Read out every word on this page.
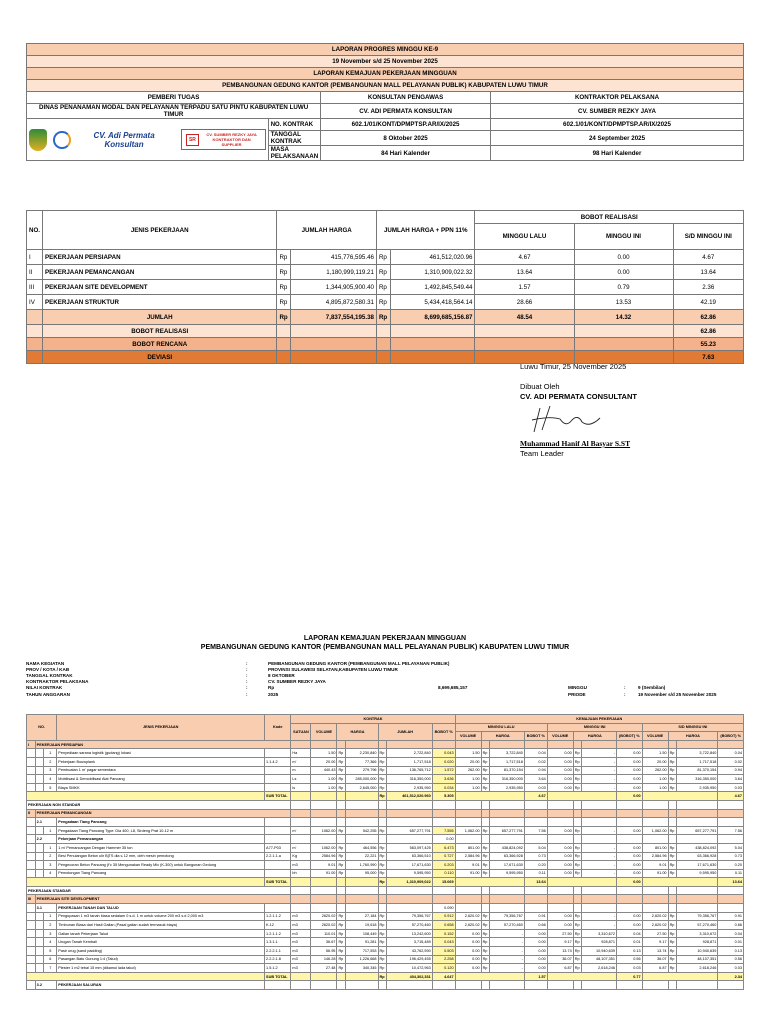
LAPORAN PROGRES MINGGU KE-9			
19 November s/d 25 November 2025			
LAPORAN KEMAJUAN PEKERJAAN MINGGUAN			
PEMBANGUNAN GEDUNG KANTOR (PEMBANGUNAN MALL PELAYANAN PUBLIK) KABUPATEN LUWU TIMUR			
PEMBERI TUGAS		KONSULTAN PENGAWAS	KONTRAKTOR PELAKSANA
DINAS PENANAMAN MODAL DAN PELAYANAN TERPADU SATU PINTU KABUPATEN LUWU TIMUR		CV. ADI PERMATA KONSULTAN	CV. SUMBER REZKY JAYA

CV. Adi Permata Konsultan SR
CV. SUMBER REZKY JAYA
KONTRAKTOR DAN SUPPLIER	NO. KONTRAK	602.1/01/KONT/DPMPTSP.AR/IX/2025	602.1/01/KONT/DPMPTSP.AR/IX/2025
	TANGGAL KONTRAK	8 Oktober 2025	24 September 2025
	MASA PELAKSANAAN	84 Hari Kalender	98 Hari Kalender
NO.	JENIS PEKERJAAN	JUMLAH HARGA		JUMLAH HARGA + PPN 11%		BOBOT REALISASI		
						MINGGU LALU	MINGGU INI	S/D MINGGU INI
I	PEKERJAAN PERSIAPAN	Rp	415,776,595.46	Rp	461,512,020.96	4.67	0.00	4.67
II	PEKERJAAN PEMANCANGAN	Rp	1,180,999,119.21	Rp	1,310,909,022.32	13.64	0.00	13.64
III	PEKERJAAN SITE DEVELOPMENT	Rp	1,344,905,900.40	Rp	1,492,845,549.44	1.57	0.79	2.36
IV	PEKERJAAN STRUKTUR	Rp	4,895,872,580.31	Rp	5,434,418,564.14	28.66	13.53	42.19
	JUMLAH	Rp	7,837,554,195.38	Rp	8,699,685,156.87	48.54	14.32	62.86
	BOBOT REALISASI							62.86
	BOBOT RENCANA							55.23
	DEVIASI							7.63
Luwu Timur, 25 November 2025
Dibuat Oleh
CV. ADI PERMATA CONSULTANT
Muhammad Hanif Al Basyar S.ST
Team Leader
LAPORAN KEMAJUAN PEKERJAAN MINGGUAN
PEMBANGUNAN GEDUNG KANTOR (PEMBANGUNAN MALL PELAYANAN PUBLIK) KABUPATEN LUWU TIMUR
NAMA KEGIATAN	:	PEMBANGUNAN GEDUNG KANTOR (PEMBANGUNAN MALL PELAYANAN PUBLIK)
PROV / KOTA / KAB	:	PROVINSI SULAWESI SELATAN,KABUPATEN LUWU TIMUR
TANGGAL KONTRAK	:	8 OKTOBER
KONTRAKTOR PELAKSANA	:	CV. SUMBER REZKY JAYA
NILAI KONTRAK	:	Rp	8,699,685,157	MINGGU	:	9 (Sembilan)
TAHUN ANGGARAN	:	2025	PRIODE	:	19 November s/d 25 November 2025
NO.			JENIS PEKERJAAN	Kode	KONTRAK							KEMAJUAN PEKERJAAN											
					SATUAN	VOLUME	HARGA		JUMLAH		BOBOT %	MINGGU LALU				MINGGU INI				S/D MINGGU INI			
												VOLUME	HARGA		BOBOT %	VOLUME	HARGA		(BOBOT) %	VOLUME	HARGA		(BOBOT) %
I	PEKERJAAN PERSIAPAN																						
		1	Penyediaan sarana logistik (gudang) lokasi		Ha	1.50	Rp	2,230,840	Rp	2,722,840	0.043	1.50	Rp	3,722,840	0.04	0.00	Rp	-	0.00	1.50	Rp	3,722,840	0.04
		2	Pekerjaan Bouwplank	1.1.4.2	m'	20.00	Rp	77,366	Rp	1,717,518	0.020	20.00	Rp	1,717,518	0.02	0.00	Rp	-	0.00	20.00	Rp	1,717,518	0.02
		3	Pembuatan 1 m' pagar sementara		m	440.43	Rp	279,796	Rp	136,765,712	1.572	262.00	Rp	81,370,154	0.94	0.00	Rp	-	0.00	262.00	Rp	81,370,154	0.94
		4	Mobilisasi & Demobilisasi Alat Pancang		Ls	1.00	Rp	285,000,000	Rp	316,350,000	3.636	1.00	Rp	316,350,000	3.64	0.00	Rp	-	0.00	1.00	Rp	316,350,000	3.64
		5	Biaya SMKK		ls	1.00	Rp	2,645,000	Rp	2,935,950	0.034	1.00	Rp	2,935,950	0.03	0.00	Rp	-	0.00	1.00	Rp	2,935,950	0.03
				SUB TOTAL					Rp	461,512,020.960	5.305				4.67				0.00				4.67
PEKERJAAN NON STANDAR																							
II	PEKERJAAN PEMANCANGAN																						
	2.1		Pengadaan Tiang Pancang																				
		1	Pengadaan Tiang Pancang Type: Dia 400, L8, Sirdeng Prat 10-12 m		m'	1062.00	Rp	542,255	Rp	657,277,791	7.555	1,062.00	Rp	657,277,791	7.56	0.00	Rp	-	0.00	1,062.00	Rp	657,277,791	7.56
	2.2		Pekerjaan Pemancangan								0.00												
		1	1 m' Pemancangan Dengan Hammer 35 ton	A77-P03	m'	1062.00	Rp	464,556	Rp	563,097,425	6.473	801.00	Rp	438,824,092	5.04	0.00	Rp	-	0.00	801.00	Rp	438,824,092	5.04
		2	Besi Penulangan Beton ulir BjTS dia ≤ 12 mm, oleh mesin pemotong	2.2.1.1.a	Kg	2584.96	Rp	22,221	Rp	63,366,510	0.727	2,584.96	Rp	63,366,928	0.73	0.00	Rp	-	0.00	2,584.96	Rp	63,366,928	0.73
		3	Pengecoran Beton Pancang (f'c 35 Mengunakan Ready Mix (K-300) untuk Bangunan Gedung		m3	9.01	Rp	1,760,990	Rp	17,671,630	0.203	9.01	Rp	17,671,630	0.20	0.00	Rp	-	0.00	9.01	Rp	17,671,630	0.20
		4	Pemotongan Tiang Pancang		bh	91.00	Rp	95,000	Rp	9,595,950	0.110	91.00	Rp	9,595,950	0.11	0.00	Rp	-	0.00	91.00	Rp	9,595,950	0.11
				SUB TOTAL					Rp	1,310,909,022	15.069				13.64				0.00				13.64
PEKERJAAN STANDAR																							
III	PEKERJAAN SITE DEVELOPMENT																						
	3.1		PEKERJAAN TANAH DAN TALUD								0.090												
		1	Pengupasan 1 m3 tanah biasa sedalam 0 s.d. 1 m untuk volume 200 m3 s.d 2,000 m3	1.2.1.1.2	m3	2620.02	Rp	27,184	Rp	79,356,767	0.912	2,620.02	Rp	79,356,767	0.91	0.00	Rp	-	0.00	2,620.02	Rp	79,356,767	0.91
		2	Timbunan Biasa dari Hasil Galian (Pasal galian sudah termasuk biaya)	K.12	m3	2620.02	Rp	19,618	Rp	57,270,460	0.658	2,620.02	Rp	57,270,460	0.66	0.00	Rp	-	0.00	2,620.02	Rp	57,270,460	0.66
		3	Galian tanah Pekerjaan Talud	1.2.1.1.2	m3	110.01	Rp	108,449	Rp	13,242,600	0.152	0.00	Rp	-	0.00	27.50	Rp	3,310,672	0.04	27.50	Rp	3,310,672	0.04
		4	Urugan Tanah Kembali	1.3.1.1	m3	36.67	Rp	91,281	Rp	3,715,489	0.043	0.00	Rp	-	0.00	9.17	Rp	928,871	0.01	9.17	Rp	928,871	0.01
		5	Pasir urug (sand padding)	2.2.2.1.1	m3	56.95	Rp	717,553	Rp	43,762,590	0.503	0.00	Rp	-	0.00	13.74	Rp	10,940,639	0.13	13.74	Rp	10,940,639	0.13
		6	Pasangan Batu Gunung 1:4 (Talud)	2.2.2.1.8	m3	146.28	Rp	1,226,668	Rp	196,429,455	2.258	0.00	Rp	-	0.00	36.07	Rp	48,107,351	0.56	36.07	Rp	48,107,351	0.56
		7	Plester 1 m2 tebal 15 mm (dikamul lada talud)	1.5.1.2	m3	27.48	Rp	340,345	Rp	10,472,963	0.120	0.00	Rp	-	0.00	6.87	Rp	2,618,246	0.03	6.87	Rp	2,618,246	0.03
				SUB TOTAL					Rp	404,302,331	4.647				1.57				0.77				2.34
	3.2		PEKERJAAN SALURAN																				
